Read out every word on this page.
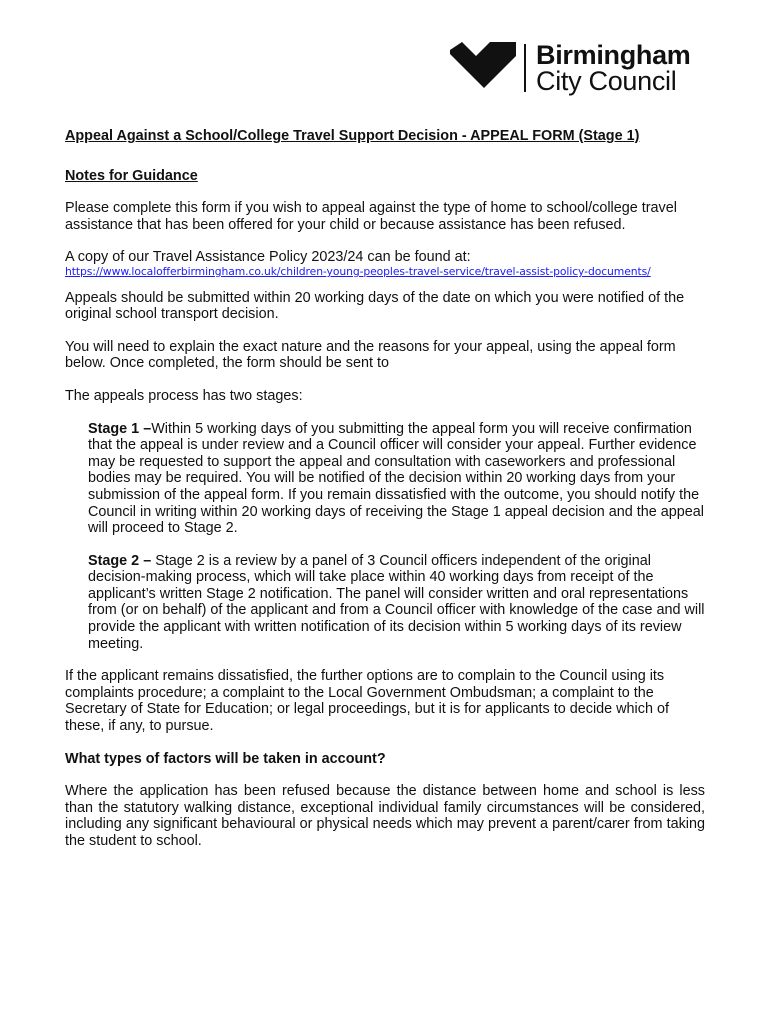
Birmingham
City Council
Appeal Against a School/College Travel Support Decision - APPEAL FORM (Stage 1)
Notes for Guidance

Please complete this form if you wish to appeal against the type of home to school/college travel assistance that has been offered for your child or because assistance has been refused.

A copy of our Travel Assistance Policy 2023/24 can be found at:
https://www.localofferbirmingham.co.uk/children-young-peoples-travel-service/travel-assist-policy-documents/

Appeals should be submitted within 20 working days of the date on which you were notified of the original school transport decision.

You will need to explain the exact nature and the reasons for your appeal, using the appeal form below. Once completed, the form should be sent to

The appeals process has two stages:

Stage 1 –Within 5 working days of you submitting the appeal form you will receive confirmation that the appeal is under review and a Council officer will consider your appeal. Further evidence may be requested to support the appeal and consultation with caseworkers and professional bodies may be required. You will be notified of the decision within 20 working days from your submission of the appeal form. If you remain dissatisfied with the outcome, you should notify the Council in writing within 20 working days of receiving the Stage 1 appeal decision and the appeal will proceed to Stage 2.

Stage 2 – Stage 2 is a review by a panel of 3 Council officers independent of the original decision-making process, which will take place within 40 working days from receipt of the applicant’s written Stage 2 notification. The panel will consider written and oral representations from (or on behalf) of the applicant and from a Council officer with knowledge of the case and will provide the applicant with written notification of its decision within 5 working days of its review meeting.

If the applicant remains dissatisfied, the further options are to complain to the Council using its complaints procedure; a complaint to the Local Government Ombudsman; a complaint to the Secretary of State for Education; or legal proceedings, but it is for applicants to decide which of these, if any, to pursue.

What types of factors will be taken in account?

Where the application has been refused because the distance between home and school is less than the statutory walking distance, exceptional individual family circumstances will be considered, including any significant behavioural or physical needs which may prevent a parent/carer from taking the student to school.
